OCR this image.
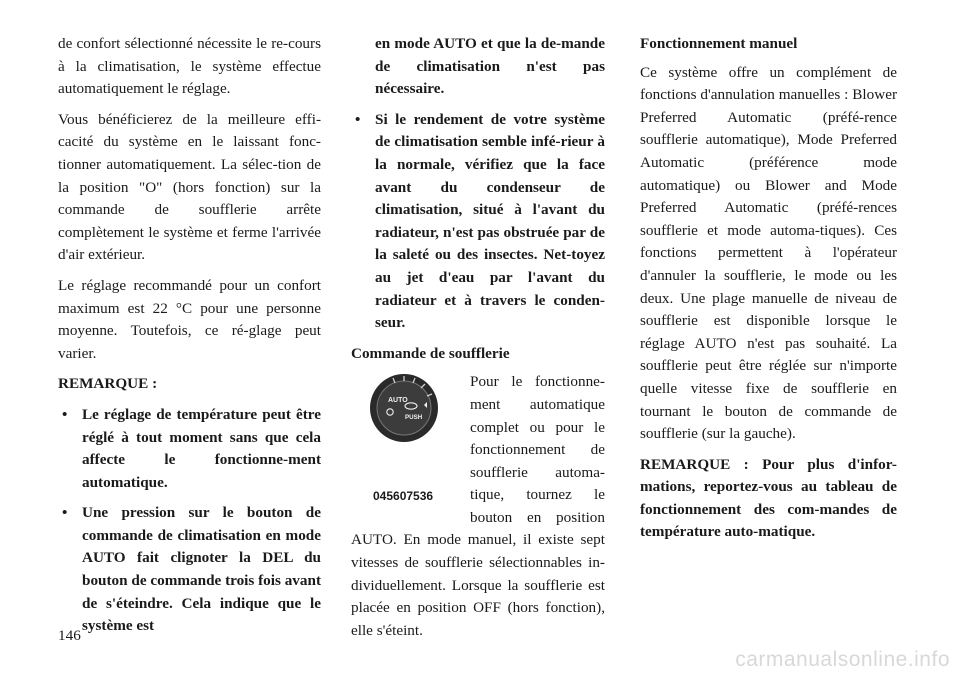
de confort sélectionné nécessite le re-cours à la climatisation, le système effectue automatiquement le réglage.

Vous bénéficierez de la meilleure effi-cacité du système en le laissant fonc-tionner automatiquement. La sélec-tion de la position "O" (hors fonction) sur la commande de soufflerie arrête complètement le système et ferme l'arrivée d'air extérieur.

Le réglage recommandé pour un confort maximum est 22 °C pour une personne moyenne. Toutefois, ce ré-glage peut varier.

REMARQUE :

• Le réglage de température peut être réglé à tout moment sans que cela affecte le fonctionne-ment automatique.
• Une pression sur le bouton de commande de climatisation en mode AUTO fait clignoter la DEL du bouton de commande trois fois avant de s'éteindre. Cela indique que le système est
en mode AUTO et que la de-mande de climatisation n'est pas nécessaire.
• Si le rendement de votre système de climatisation semble infé-rieur à la normale, vérifiez que la face avant du condenseur de climatisation, situé à l'avant du radiateur, n'est pas obstruée par de la saleté ou des insectes. Net-toyez au jet d'eau par l'avant du radiateur et à travers le conden-seur.
Commande de soufflerie
AUTO
PUSH
045607536

Pour le fonctionne-ment automatique complet ou pour le fonctionnement de soufflerie automa-tique, tournez le bouton en position AUTO. En mode manuel, il existe sept vitesses de soufflerie sélectionnables in-dividuellement. Lorsque la soufflerie est placée en position OFF (hors fonction), elle s'éteint.

Fonctionnement manuel

Ce système offre un complément de fonctions d'annulation manuelles : Blower Preferred Automatic (préfé-rence soufflerie automatique), Mode Preferred Automatic (préférence mode automatique) ou Blower and Mode Preferred Automatic (préfé-rences soufflerie et mode automa-tiques). Ces fonctions permettent à l'opérateur d'annuler la soufflerie, le mode ou les deux. Une plage manuelle de niveau de soufflerie est disponible lorsque le réglage AUTO n'est pas souhaité. La soufflerie peut être réglée sur n'importe quelle vitesse fixe de soufflerie en tournant le bouton de commande de soufflerie (sur la gauche).

REMARQUE : Pour plus d'infor-mations, reportez-vous au tableau de fonctionnement des com-mandes de température auto-matique.

146
carmanualsonline.info
